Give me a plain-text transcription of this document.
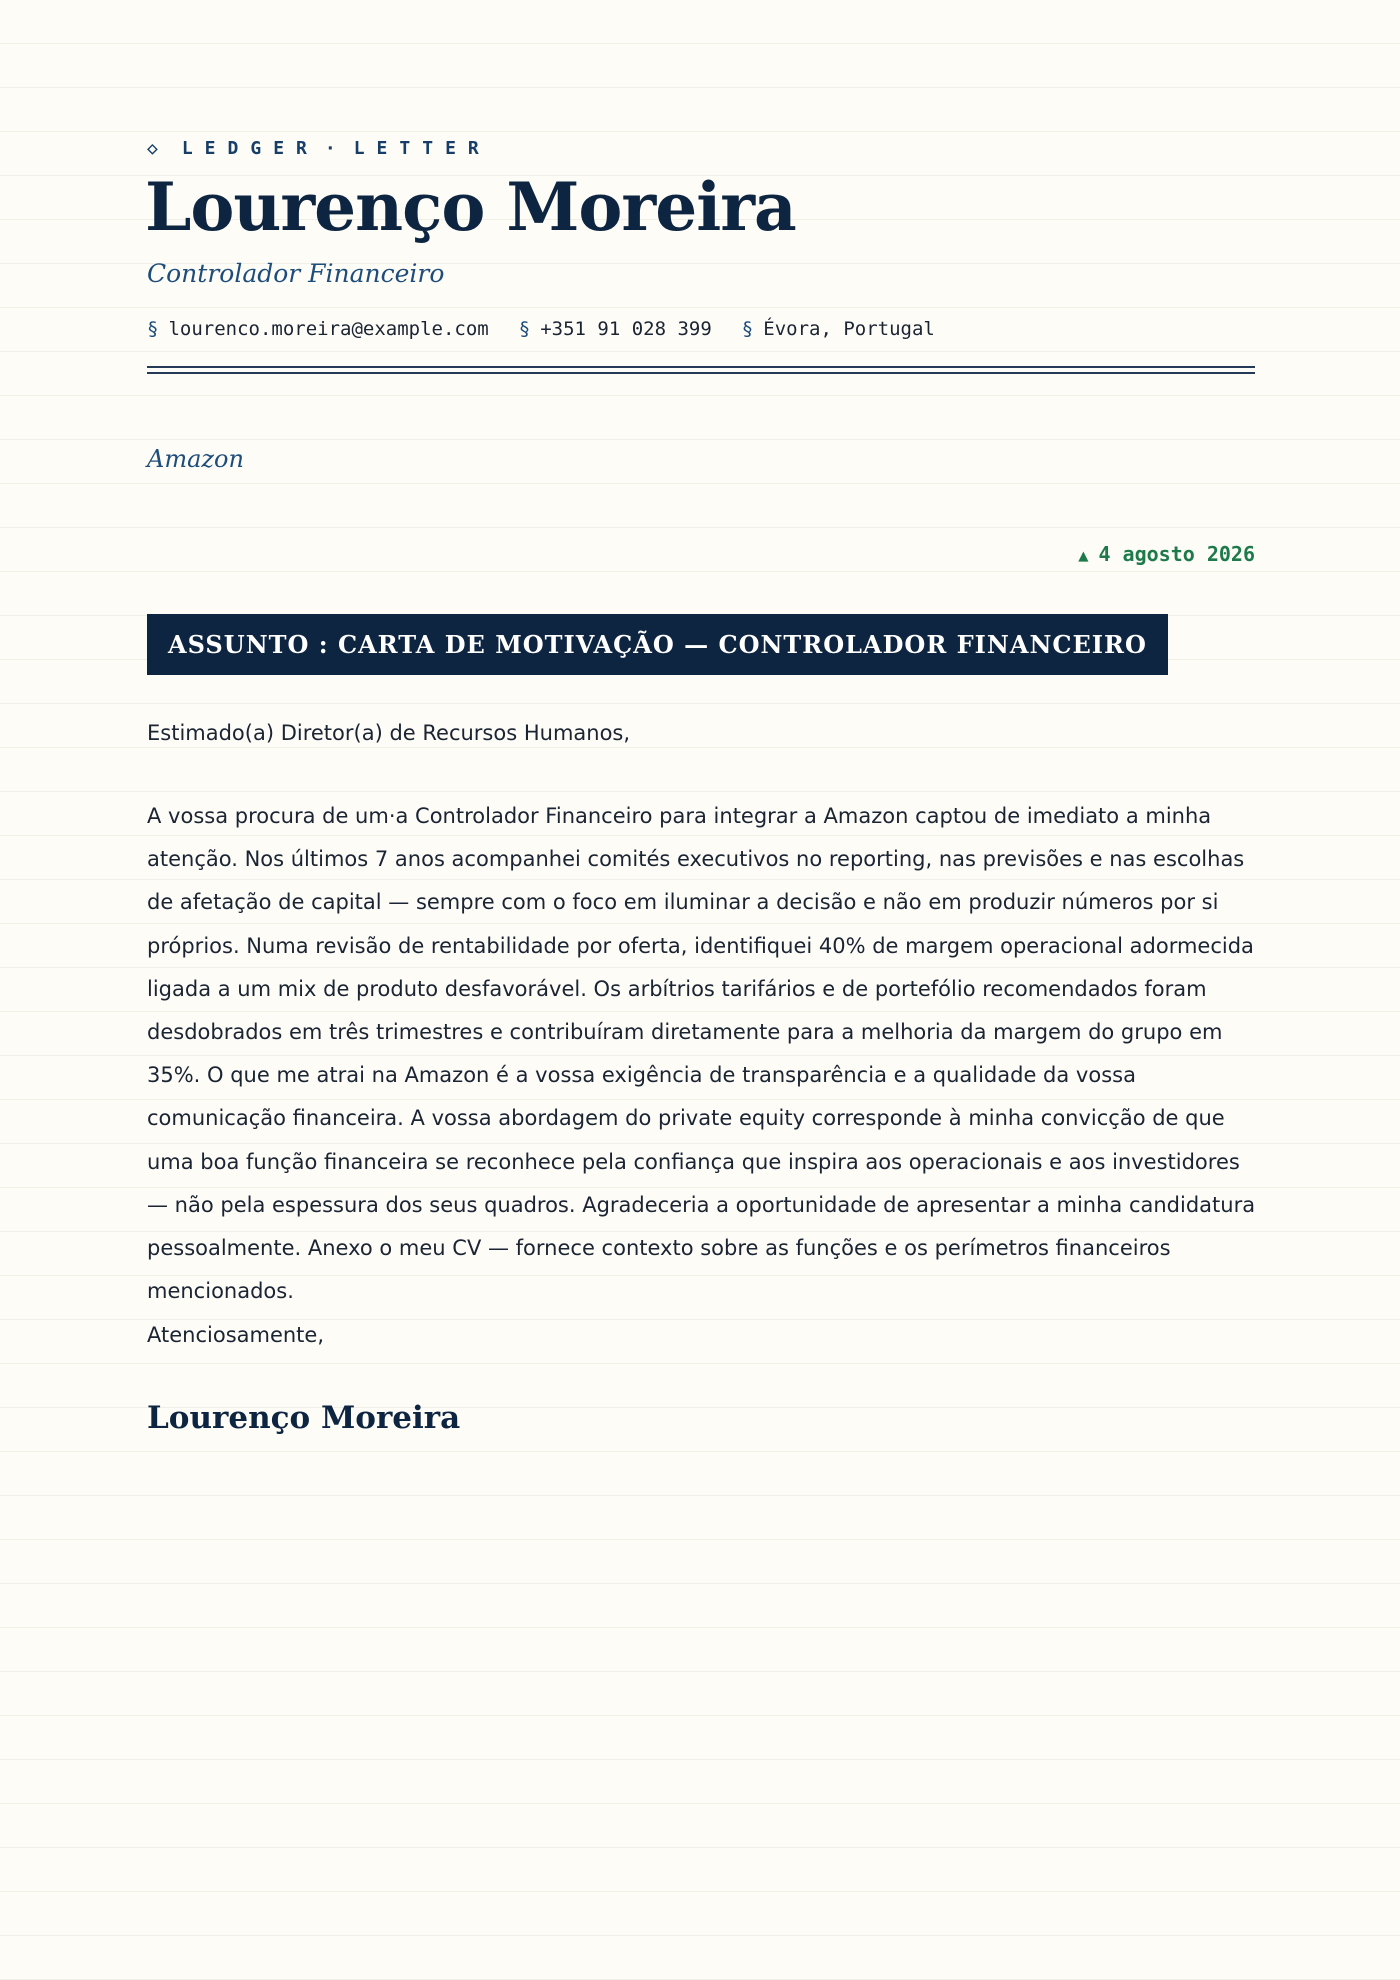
◇ LEDGER · LETTER
Lourenço Moreira
Controlador Financeiro
§ lourenco.moreira@example.com § +351 91 028 399 § Évora, Portugal
Amazon
▲ 4 agosto 2026
ASSUNTO : CARTA DE MOTIVAÇÃO — CONTROLADOR FINANCEIRO
Estimado(a) Diretor(a) de Recursos Humanos,

A vossa procura de um·a Controlador Financeiro para integrar a Amazon captou de imediato a minha atenção. Nos últimos 7 anos acompanhei comités executivos no reporting, nas previsões e nas escolhas de afetação de capital — sempre com o foco em iluminar a decisão e não em produzir números por si próprios. Numa revisão de rentabilidade por oferta, identifiquei 40% de margem operacional adormecida ligada a um mix de produto desfavorável. Os arbítrios tarifários e de portefólio recomendados foram desdobrados em três trimestres e contribuíram diretamente para a melhoria da margem do grupo em 35%. O que me atrai na Amazon é a vossa exigência de transparência e a qualidade da vossa comunicação financeira. A vossa abordagem do private equity corresponde à minha convicção de que uma boa função financeira se reconhece pela confiança que inspira aos operacionais e aos investidores — não pela espessura dos seus quadros. Agradeceria a oportunidade de apresentar a minha candidatura pessoalmente. Anexo o meu CV — fornece contexto sobre as funções e os perímetros financeiros mencionados.

Atenciosamente,
Lourenço Moreira
